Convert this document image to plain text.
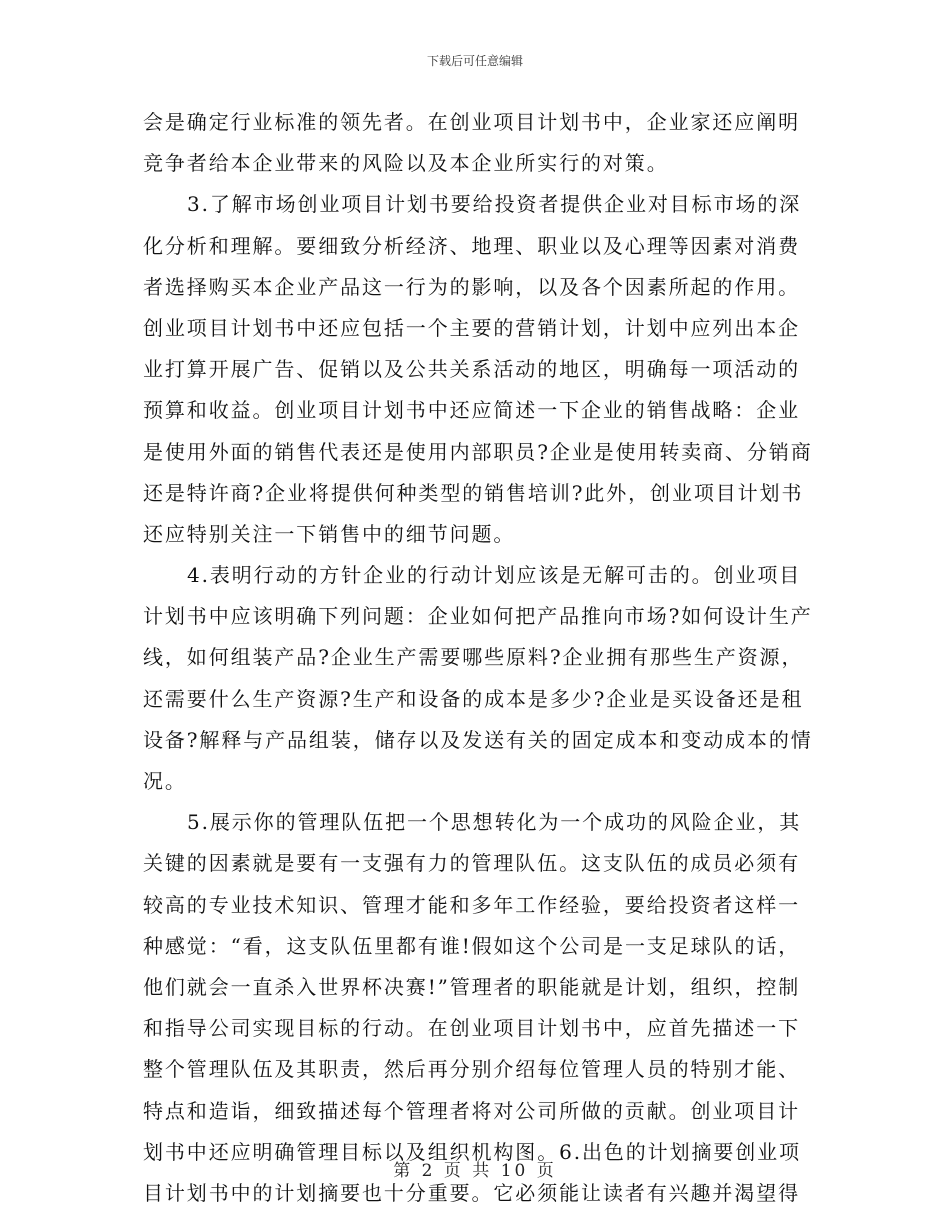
下载后可任意编辑
会是确定行业标准的领先者。在创业项目计划书中，企业家还应阐明
竞争者给本企业带来的风险以及本企业所实行的对策。
3.了解市场创业项目计划书要给投资者提供企业对目标市场的深
化分析和理解。要细致分析经济、地理、职业以及心理等因素对消费
者选择购买本企业产品这一行为的影响，以及各个因素所起的作用。
创业项目计划书中还应包括一个主要的营销计划，计划中应列出本企
业打算开展广告、促销以及公共关系活动的地区，明确每一项活动的
预算和收益。创业项目计划书中还应简述一下企业的销售战略：企业
是使用外面的销售代表还是使用内部职员?企业是使用转卖商、分销商
还是特许商?企业将提供何种类型的销售培训?此外，创业项目计划书
还应特别关注一下销售中的细节问题。
4.表明行动的方针企业的行动计划应该是无解可击的。创业项目
计划书中应该明确下列问题：企业如何把产品推向市场?如何设计生产
线，如何组装产品?企业生产需要哪些原料?企业拥有那些生产资源，
还需要什么生产资源?生产和设备的成本是多少?企业是买设备还是租
设备?解释与产品组装，储存以及发送有关的固定成本和变动成本的情
况。
5.展示你的管理队伍把一个思想转化为一个成功的风险企业，其
关键的因素就是要有一支强有力的管理队伍。这支队伍的成员必须有
较高的专业技术知识、管理才能和多年工作经验，要给投资者这样一
种感觉：“看，这支队伍里都有谁!假如这个公司是一支足球队的话，
他们就会一直杀入世界杯决赛!”管理者的职能就是计划，组织，控制
和指导公司实现目标的行动。在创业项目计划书中，应首先描述一下
整个管理队伍及其职责，然后再分别介绍每位管理人员的特别才能、
特点和造诣，细致描述每个管理者将对公司所做的贡献。创业项目计
划书中还应明确管理目标以及组织机构图。6.出色的计划摘要创业项
目计划书中的计划摘要也十分重要。它必须能让读者有兴趣并渴望得
第 2 页 共 10 页
